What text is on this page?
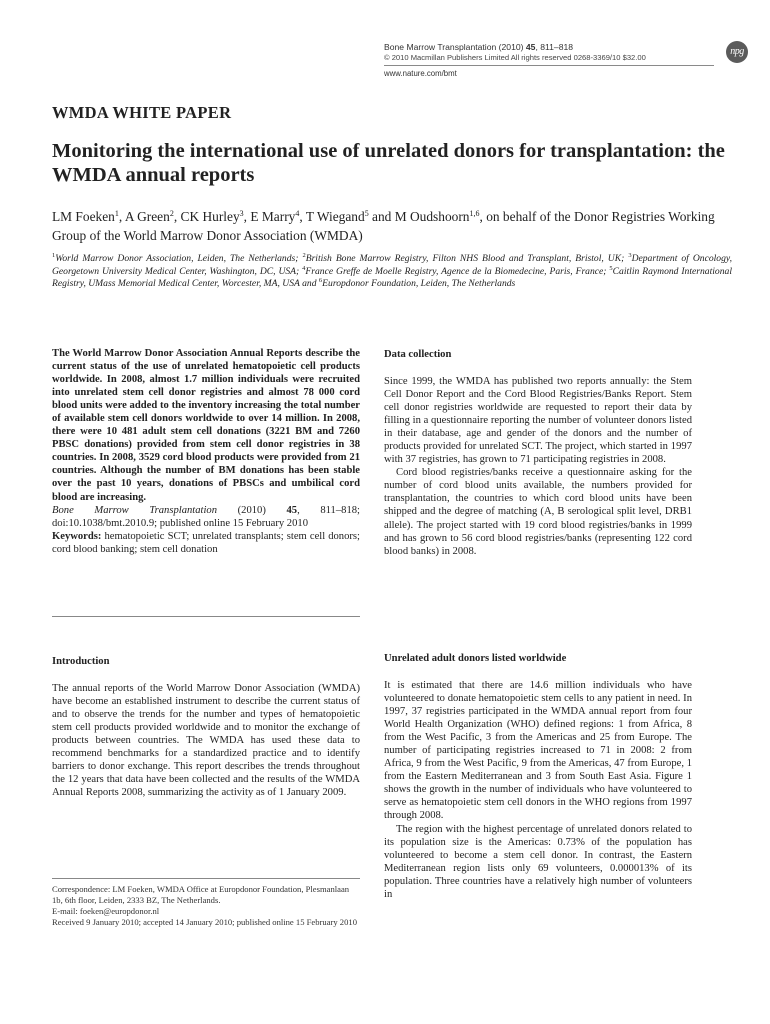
Bone Marrow Transplantation (2010) 45, 811–818
© 2010 Macmillan Publishers Limited All rights reserved 0268-3369/10 $32.00
www.nature.com/bmt
npg
WMDA WHITE PAPER
Monitoring the international use of unrelated donors for transplantation: the WMDA annual reports
LM Foeken$^1$, A Green$^2$, CK Hurley$^3$, E Marry$^4$, T Wiegand$^5$ and M Oudshoorn$^{1,6}$, on behalf of the Donor Registries Working Group of the World Marrow Donor Association (WMDA)
$^1$World Marrow Donor Association, Leiden, The Netherlands; $^2$British Bone Marrow Registry, Filton NHS Blood and Transplant, Bristol, UK; $^3$Department of Oncology, Georgetown University Medical Center, Washington, DC, USA; $^4$France Greffe de Moelle Registry, Agence de la Biomedecine, Paris, France; $^5$Caitlin Raymond International Registry, UMass Memorial Medical Center, Worcester, MA, USA and $^6$Europdonor Foundation, Leiden, The Netherlands

The World Marrow Donor Association Annual Reports describe the current status of the use of unrelated hematopoietic cell products worldwide. In 2008, almost 1.7 million individuals were recruited into unrelated stem cell donor registries and almost 78 000 cord blood units were added to the inventory increasing the total number of available stem cell donors worldwide to over 14 million. In 2008, there were 10 481 adult stem cell donations (3221 BM and 7260 PBSC donations) provided from stem cell donor registries in 38 countries. In 2008, 3529 cord blood products were provided from 21 countries. Although the number of BM donations has been stable over the past 10 years, donations of PBSCs and umbilical cord blood are increasing.

Bone Marrow Transplantation (2010) 45, 811–818; doi:10.1038/bmt.2010.9; published online 15 February 2010

Keywords: hematopoietic SCT; unrelated transplants; stem cell donors; cord blood banking; stem cell donation

Introduction

The annual reports of the World Marrow Donor Association (WMDA) have become an established instrument to describe the current status of and to observe the trends for the number and types of hematopoietic stem cell products provided worldwide and to monitor the exchange of products between countries. The WMDA has used these data to recommend benchmarks for a standardized practice and to identify barriers to donor exchange. This report describes the trends throughout the 12 years that data have been collected and the results of the WMDA Annual Reports 2008, summarizing the activity as of 1 January 2009.

Correspondence: LM Foeken, WMDA Office at Europdonor Foundation, Plesmanlaan 1b, 6th floor, Leiden, 2333 BZ, The Netherlands.
E-mail: foeken@europdonor.nl
Received 9 January 2010; accepted 14 January 2010; published online 15 February 2010
Data collection

Since 1999, the WMDA has published two reports annually: the Stem Cell Donor Report and the Cord Blood Registries/Banks Report. Stem cell donor registries worldwide are requested to report their data by filling in a questionnaire reporting the number of volunteer donors listed in their database, age and gender of the donors and the number of products provided for unrelated SCT. The project, which started in 1997 with 37 registries, has grown to 71 participating registries in 2008.

Cord blood registries/banks receive a questionnaire asking for the number of cord blood units available, the numbers provided for transplantation, the countries to which cord blood units have been shipped and the degree of matching (A, B serological split level, DRB1 allele). The project started with 19 cord blood registries/banks in 1999 and has grown to 56 cord blood registries/banks (representing 122 cord blood banks) in 2008.

Unrelated adult donors listed worldwide

It is estimated that there are 14.6 million individuals who have volunteered to donate hematopoietic stem cells to any patient in need. In 1997, 37 registries participated in the WMDA annual report from four World Health Organization (WHO) defined regions: 1 from Africa, 8 from the West Pacific, 3 from the Americas and 25 from Europe. The number of participating registries increased to 71 in 2008: 2 from Africa, 9 from the West Pacific, 9 from the Americas, 47 from Europe, 1 from the Eastern Mediterranean and 3 from South East Asia. Figure 1 shows the growth in the number of individuals who have volunteered to serve as hematopoietic stem cell donors in the WHO regions from 1997 through 2008.

The region with the highest percentage of unrelated donors related to its population size is the Americas: 0.73% of the population has volunteered to become a stem cell donor. In contrast, the Eastern Mediterranean region lists only 69 volunteers, 0.000013% of its population. Three countries have a relatively high number of volunteers in
